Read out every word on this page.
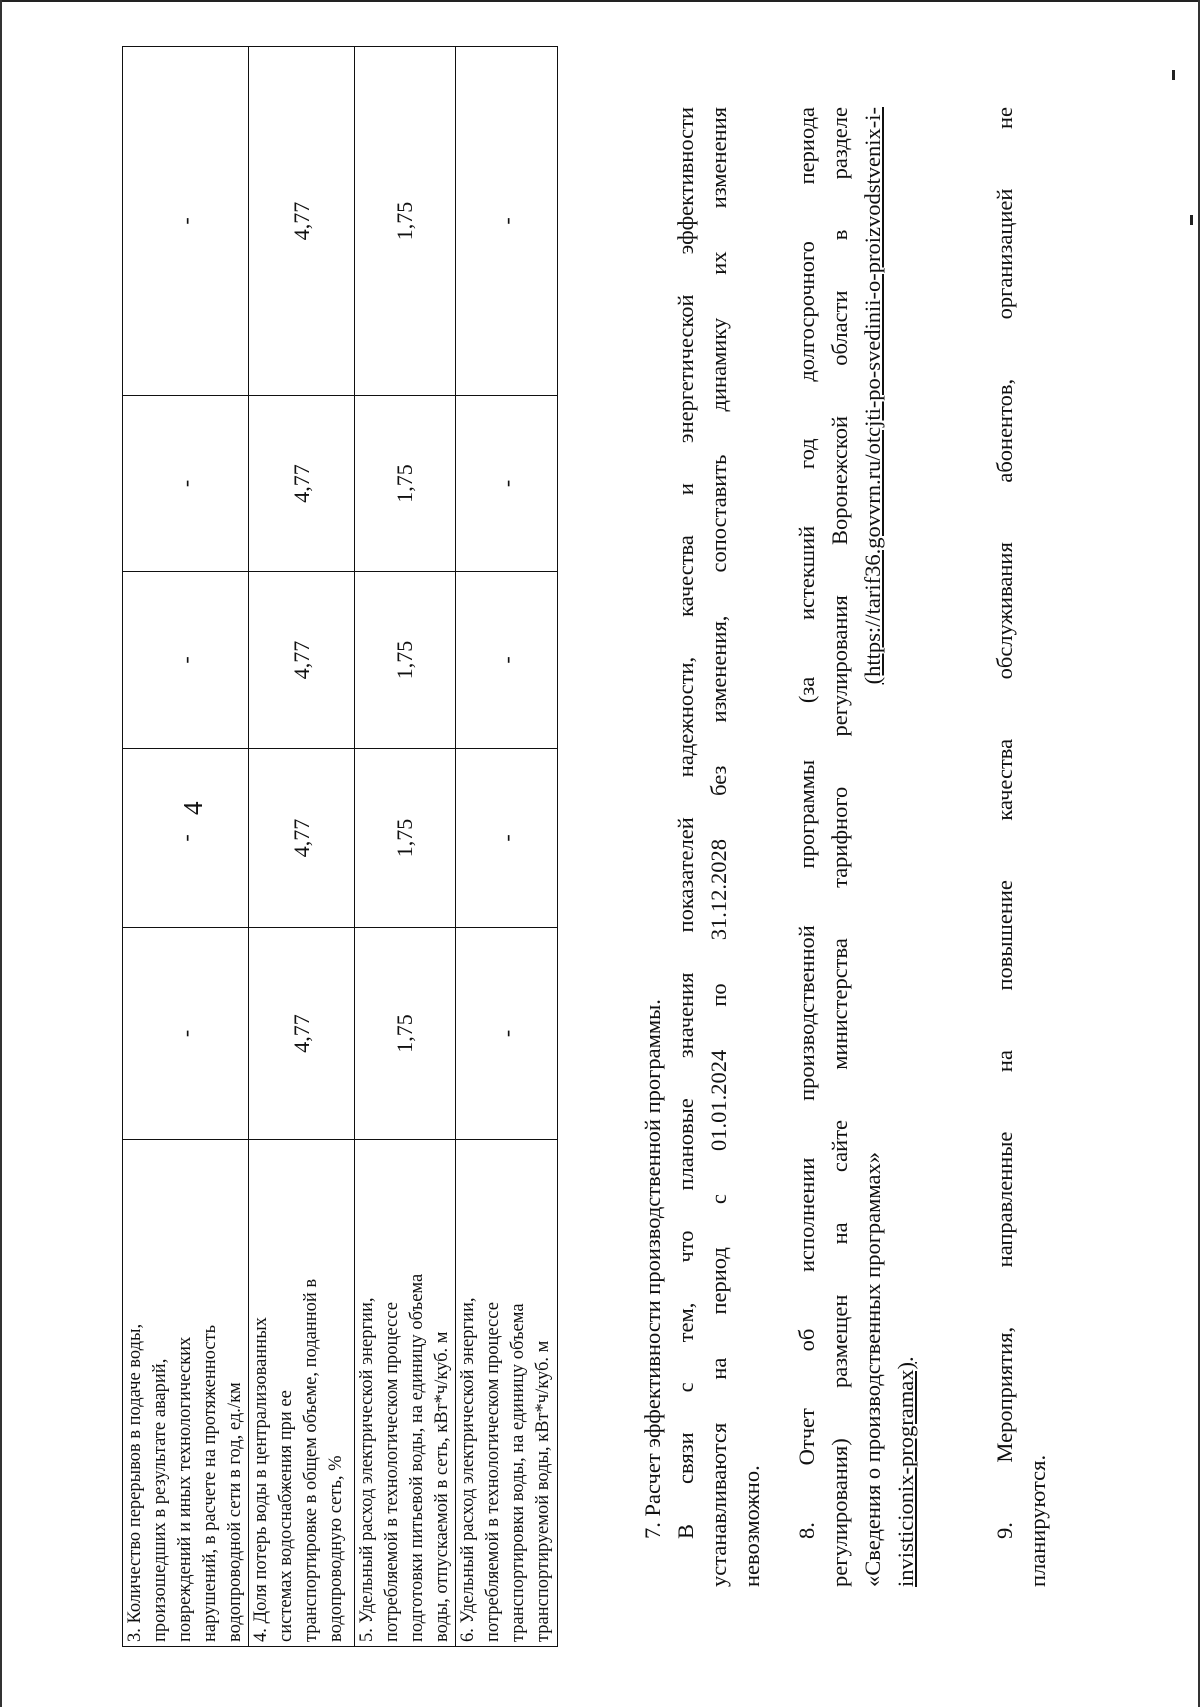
4
3. Количество перерывов в подаче воды, произошедших в результате аварий, повреждений и иных технологических нарушений, в расчете на протяженность водопроводной сети в год, ед./км	-	-	-	-	-

4. Доля потерь воды в централизованных системах водоснабжения при ее транспортировке в общем объеме, поданной в водопроводную сеть, %	4,77	4,77	4,77	4,77	4,77

5. Удельный расход электрической энергии, потребляемой в технологическом процессе подготовки питьевой воды, на единицу объема воды, отпускаемой в сеть, кВт*ч/куб. м	1,75	1,75	1,75	1,75	1,75

6. Удельный расход электрической энергии, потребляемой в технологическом процессе транспортировки воды, на единицу объема транспортируемой воды, кВт*ч/куб. м	-	-	-	-	-

7. Расчет эффективности производственной программы. В связи с тем, что плановые значения показателей надежности, качества и энергетической эффективности устанавливаются на период с 01.01.2024 по 31.12.2028 без изменения, сопоставить динамику их изменения невозможно. 8. Отчет об исполнении производственной программы (за истекший год долгосрочного периода регулирования) размещен на сайте министерства тарифного регулирования Воронежской области в разделе «Сведения о производственных программах»
(https://tarif36.govvrn.ru/otcjti-po-svedinii-o-proizvodstvenix-i-

invisticionix-programax).	9. Мероприятия, направленные на повышение качества обслуживания абонентов, организацией не планируются.
